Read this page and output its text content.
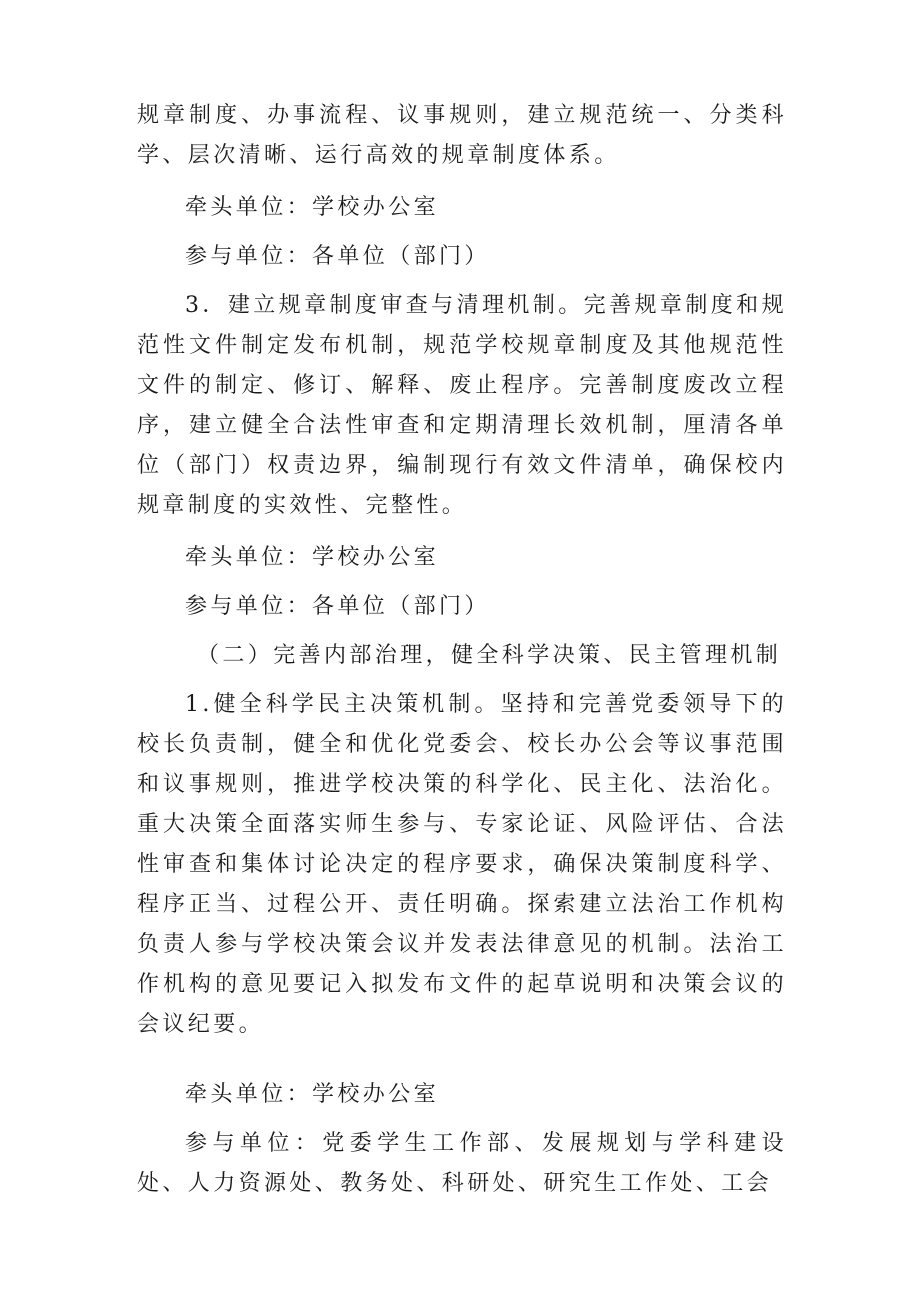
规章制度、办事流程、议事规则，建立规范统一、分类科学、层次清晰、运行高效的规章制度体系。

牵头单位：学校办公室

参与单位：各单位（部门）

3．建立规章制度审查与清理机制。完善规章制度和规范性文件制定发布机制，规范学校规章制度及其他规范性文件的制定、修订、解释、废止程序。完善制度废改立程序，建立健全合法性审查和定期清理长效机制，厘清各单位（部门）权责边界，编制现行有效文件清单，确保校内规章制度的实效性、完整性。

牵头单位：学校办公室

参与单位：各单位（部门）

（二）完善内部治理，健全科学决策、民主管理机制

1.健全科学民主决策机制。坚持和完善党委领导下的校长负责制，健全和优化党委会、校长办公会等议事范围和议事规则，推进学校决策的科学化、民主化、法治化。重大决策全面落实师生参与、专家论证、风险评估、合法性审查和集体讨论决定的程序要求，确保决策制度科学、程序正当、过程公开、责任明确。探索建立法治工作机构负责人参与学校决策会议并发表法律意见的机制。法治工作机构的意见要记入拟发布文件的起草说明和决策会议的会议纪要。

牵头单位：学校办公室

参与单位：党委学生工作部、发展规划与学科建设处、人力资源处、教务处、科研处、研究生工作处、工会
